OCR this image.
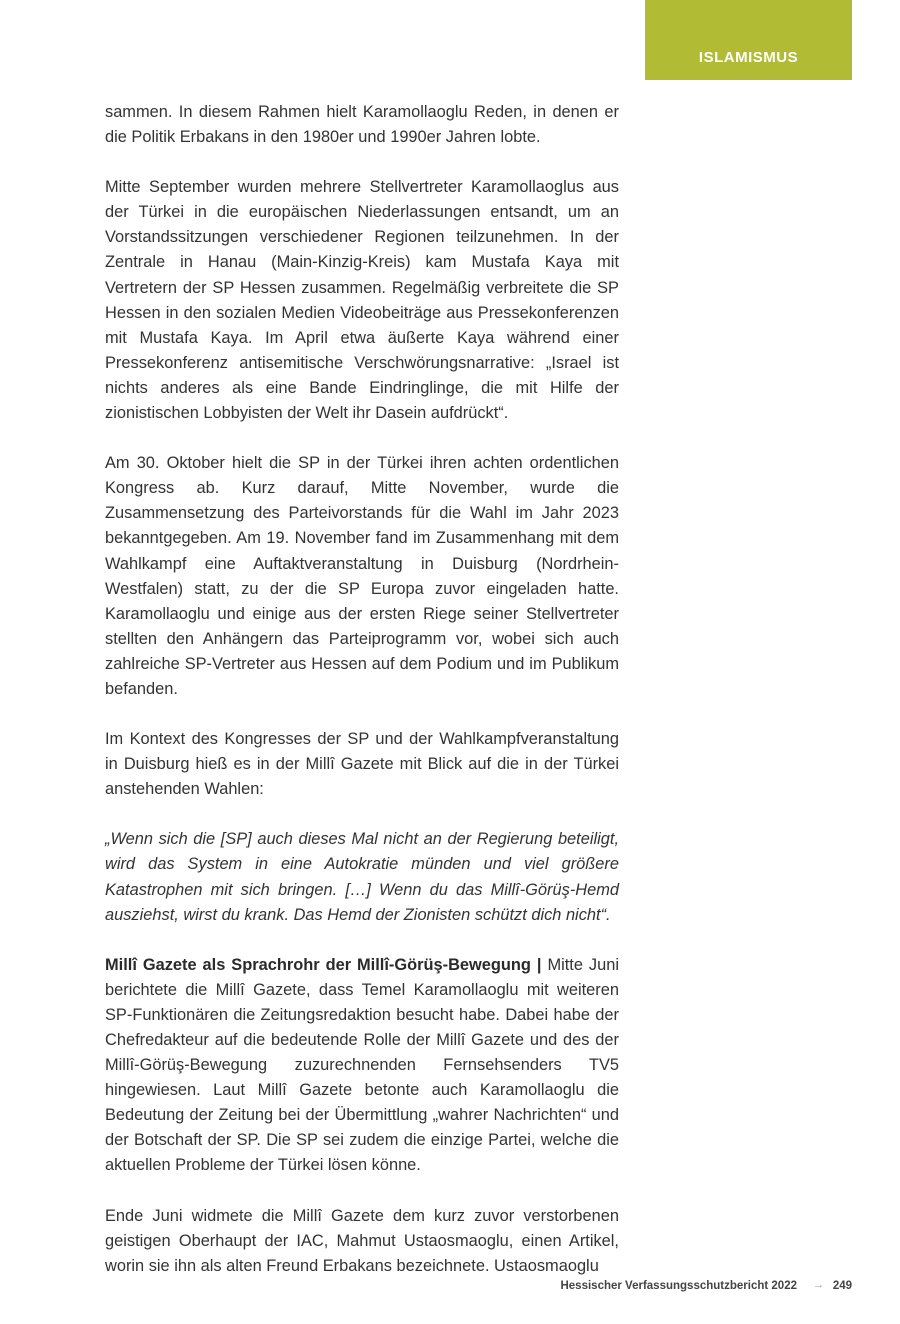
ISLAMISMUS

sammen. In diesem Rahmen hielt Karamollaoglu Reden, in denen er die Politik Erbakans in den 1980er und 1990er Jahren lobte.

Mitte September wurden mehrere Stellvertreter Karamollaoglus aus der Türkei in die europäischen Niederlassungen entsandt, um an Vorstandssitzungen verschiedener Regionen teilzunehmen. In der Zentrale in Hanau (Main-Kinzig-Kreis) kam Mustafa Kaya mit Vertretern der SP Hessen zusammen. Regelmäßig verbreitete die SP Hessen in den sozialen Medien Videobeiträge aus Pressekonferenzen mit Mustafa Kaya. Im April etwa äußerte Kaya während einer Pressekonferenz antisemitische Verschwörungsnarrative: „Israel ist nichts anderes als eine Bande Eindringlinge, die mit Hilfe der zionistischen Lobbyisten der Welt ihr Dasein aufdrückt“.

Am 30. Oktober hielt die SP in der Türkei ihren achten ordentlichen Kongress ab. Kurz darauf, Mitte November, wurde die Zusammensetzung des Parteivorstands für die Wahl im Jahr 2023 bekanntgegeben. Am 19. November fand im Zusammenhang mit dem Wahlkampf eine Auftaktveranstaltung in Duisburg (Nordrhein-Westfalen) statt, zu der die SP Europa zuvor eingeladen hatte. Karamollaoglu und einige aus der ersten Riege seiner Stellvertreter stellten den Anhängern das Parteiprogramm vor, wobei sich auch zahlreiche SP-Vertreter aus Hessen auf dem Podium und im Publikum befanden.

Im Kontext des Kongresses der SP und der Wahlkampfveranstaltung in Duisburg hieß es in der Millî Gazete mit Blick auf die in der Türkei anstehenden Wahlen:

„Wenn sich die [SP] auch dieses Mal nicht an der Regierung beteiligt, wird das System in eine Autokratie münden und viel größere Katastrophen mit sich bringen. […] Wenn du das Millî-Görüş-Hemd ausziehst, wirst du krank. Das Hemd der Zionisten schützt dich nicht“.

Millî Gazete als Sprachrohr der Millî-Görüş-Bewegung | Mitte Juni berichtete die Millî Gazete, dass Temel Karamollaoglu mit weiteren SP-Funktionären die Zeitungsredaktion besucht habe. Dabei habe der Chefredakteur auf die bedeutende Rolle der Millî Gazete und des der Millî-Görüş-Bewegung zuzurechnenden Fernsehsenders TV5 hingewiesen. Laut Millî Gazete betonte auch Karamollaoglu die Bedeutung der Zeitung bei der Übermittlung „wahrer Nachrichten“ und der Botschaft der SP. Die SP sei zudem die einzige Partei, welche die aktuellen Probleme der Türkei lösen könne.

Ende Juni widmete die Millî Gazete dem kurz zuvor verstorbenen geistigen Oberhaupt der IAC, Mahmut Ustaosmaoglu, einen Artikel, worin sie ihn als alten Freund Erbakans bezeichnete. Ustaosmaoglu

Hessischer Verfassungsschutzbericht 2022 → 249
